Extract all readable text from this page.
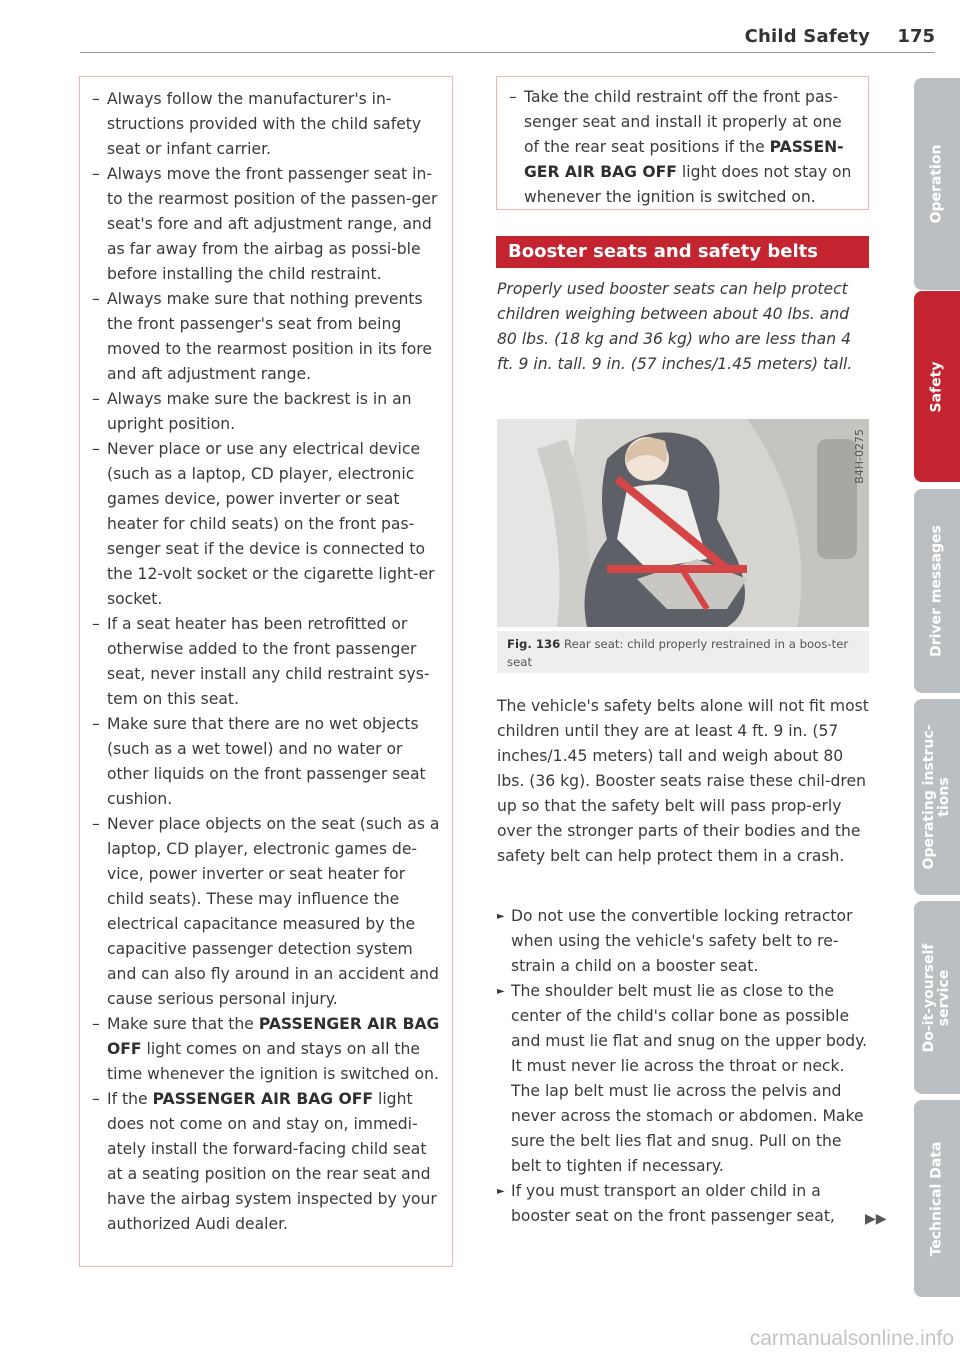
Child Safety 175
– Always follow the manufacturer's in-structions provided with the child safety seat or infant carrier.
– Always move the front passenger seat in-to the rearmost position of the passen-ger seat's fore and aft adjustment range, and as far away from the airbag as possi-ble before installing the child restraint.
– Always make sure that nothing prevents the front passenger's seat from being moved to the rearmost position in its fore and aft adjustment range.
– Always make sure the backrest is in an upright position.
– Never place or use any electrical device (such as a laptop, CD player, electronic games device, power inverter or seat heater for child seats) on the front pas-senger seat if the device is connected to the 12-volt socket or the cigarette light-er socket.
– If a seat heater has been retrofitted or otherwise added to the front passenger seat, never install any child restraint sys-tem on this seat.
– Make sure that there are no wet objects (such as a wet towel) and no water or other liquids on the front passenger seat cushion.
– Never place objects on the seat (such as a laptop, CD player, electronic games de-vice, power inverter or seat heater for child seats). These may influence the electrical capacitance measured by the capacitive passenger detection system and can also fly around in an accident and cause serious personal injury.
– Make sure that the PASSENGER AIR BAG OFF light comes on and stays on all the time whenever the ignition is switched on.
– If the PASSENGER AIR BAG OFF light does not come on and stay on, immedi-ately install the forward-facing child seat at a seating position on the rear seat and have the airbag system inspected by your authorized Audi dealer.
– Take the child restraint off the front pas-senger seat and install it properly at one of the rear seat positions if the PASSEN-GER AIR BAG OFF light does not stay on whenever the ignition is switched on.
Booster seats and safety belts
Properly used booster seats can help protect children weighing between about 40 lbs. and 80 lbs. (18 kg and 36 kg) who are less than 4 ft. 9 in. tall. 9 in. (57 inches/1.45 meters) tall.
B4H-0275
Fig. 136 Rear seat: child properly restrained in a boos-ter seat
The vehicle's safety belts alone will not fit most children until they are at least 4 ft. 9 in. (57 inches/1.45 meters) tall and weigh about 80 lbs. (36 kg). Booster seats raise these chil-dren up so that the safety belt will pass prop-erly over the stronger parts of their bodies and the safety belt can help protect them in a crash.
► Do not use the convertible locking retractor when using the vehicle's safety belt to re-strain a child on a booster seat.
► The shoulder belt must lie as close to the center of the child's collar bone as possible and must lie flat and snug on the upper body. It must never lie across the throat or neck. The lap belt must lie across the pelvis and never across the stomach or abdomen. Make sure the belt lies flat and snug. Pull on the belt to tighten if necessary.
► If you must transport an older child in a booster seat on the front passenger seat,	▶▶
Operation
Safety
Driver messages
Operating instruc-tions
Do-it-yourself service
Technical Data
carmanualsonline.info
